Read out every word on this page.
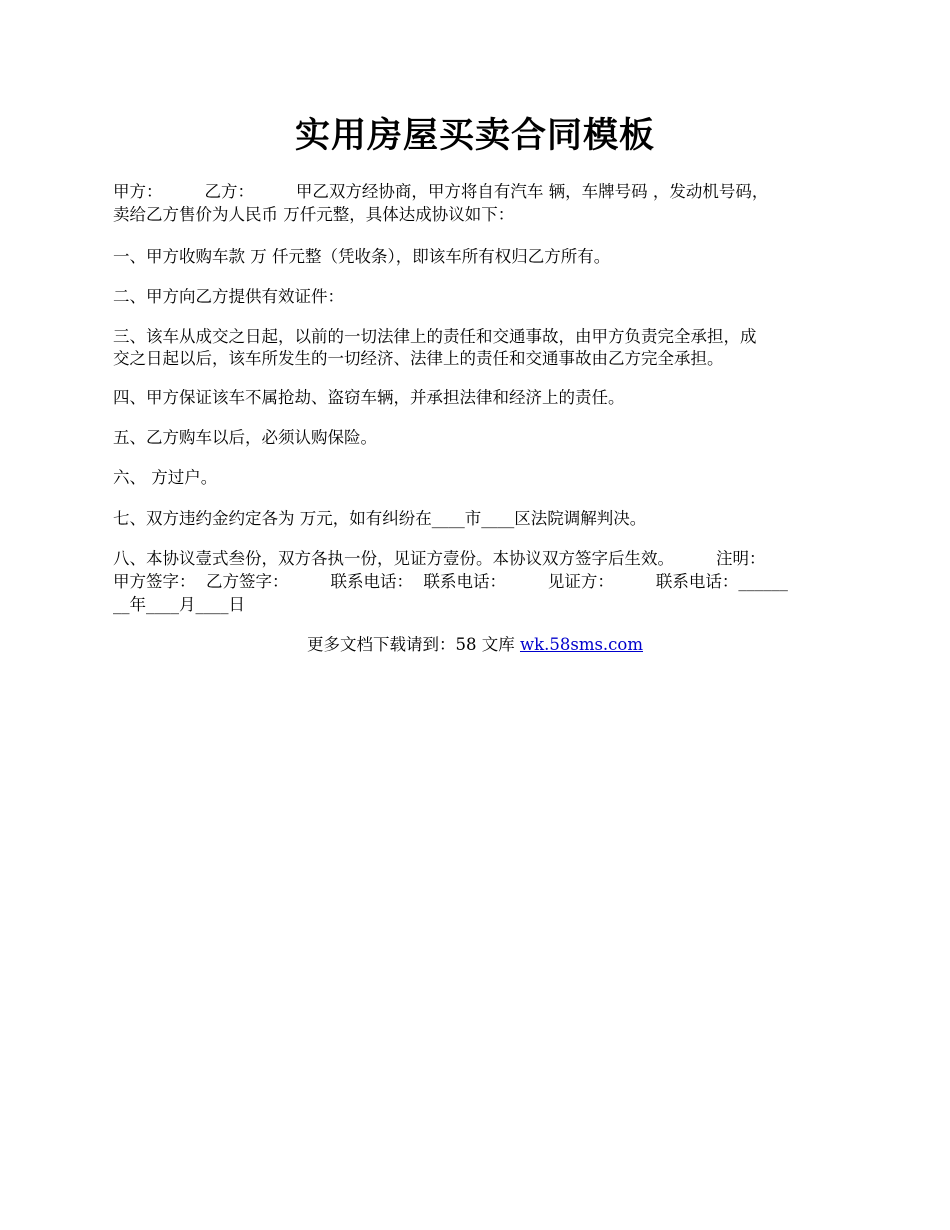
实用房屋买卖合同模板
甲方：        乙方：        甲乙双方经协商，甲方将自有汽车 辆，车牌号码 ，发动机号码，
卖给乙方售价为人民币 万仟元整，具体达成协议如下：
一、甲方收购车款 万 仟元整（凭收条），即该车所有权归乙方所有。
二、甲方向乙方提供有效证件：
三、该车从成交之日起，以前的一切法律上的责任和交通事故，由甲方负责完全承担，成
交之日起以后，该车所发生的一切经济、法律上的责任和交通事故由乙方完全承担。
四、甲方保证该车不属抢劫、盗窃车辆，并承担法律和经济上的责任。
五、乙方购车以后，必须认购保险。
六、 方过户。
七、双方违约金约定各为 万元，如有纠纷在____市____区法院调解判决。
八、本协议壹式叁份，双方各执一份，见证方壹份。本协议双方签字后生效。        注明：
甲方签字：  乙方签字：        联系电话：  联系电话：        见证方：        联系电话：______
__年____月____日
更多文档下载请到：58 文库 wk.58sms.com
